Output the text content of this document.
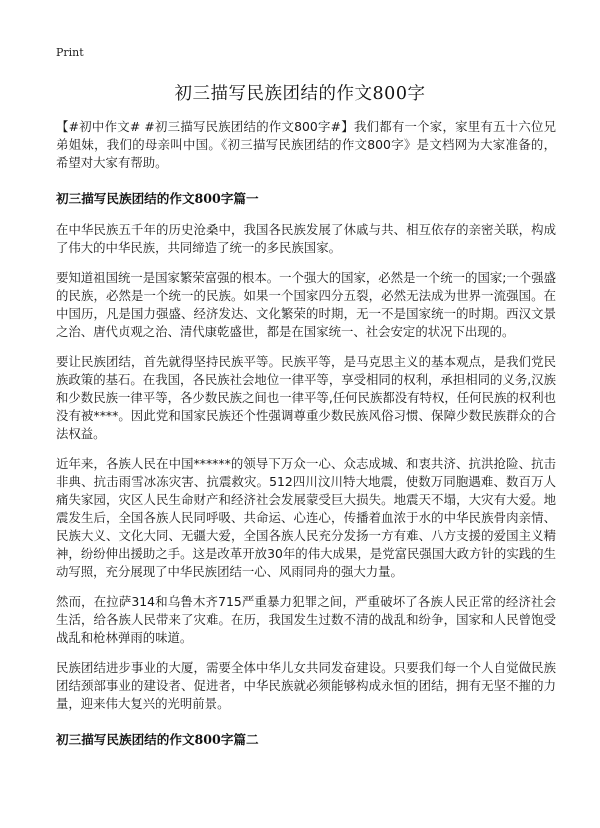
Print
初三描写民族团结的作文800字

【#初中作文# #初三描写民族团结的作文800字#】我们都有一个家，家里有五十六位兄弟姐妹，我们的母亲叫中国。《初三描写民族团结的作文800字》是文档网为大家准备的，希望对大家有帮助。

初三描写民族团结的作文800字篇一

在中华民族五千年的历史沧桑中，我国各民族发展了休戚与共、相互依存的亲密关联，构成了伟大的中华民族，共同缔造了统一的多民族国家。

要知道祖国统一是国家繁荣富强的根本。一个强大的国家，必然是一个统一的国家;一个强盛的民族，必然是一个统一的民族。如果一个国家四分五裂，必然无法成为世界一流强国。在中国历，凡是国力强盛、经济发达、文化繁荣的时期，无一不是国家统一的时期。西汉文景之治、唐代贞观之治、清代康乾盛世，都是在国家统一、社会安定的状况下出现的。

要让民族团结，首先就得坚持民族平等。民族平等，是马克思主义的基本观点，是我们党民族政策的基石。在我国，各民族社会地位一律平等，享受相同的权利，承担相同的义务,汉族和少数民族一律平等，各少数民族之间也一律平等,任何民族都没有特权，任何民族的权利也没有被****。因此党和国家民族还个性强调尊重少数民族风俗习惯、保障少数民族群众的合法权益。

近年来，各族人民在中国******的领导下万众一心、众志成城、和衷共济、抗洪抢险、抗击非典、抗击雨雪冰冻灾害、抗震救灾。512四川汶川特大地震，使数万同胞遇难、数百万人痛失家园，灾区人民生命财产和经济社会发展蒙受巨大损失。地震天不塌，大灾有大爱。地震发生后，全国各族人民同呼吸、共命运、心连心，传播着血浓于水的中华民族骨肉亲情、民族大义、文化大同、无疆大爱，全国各族人民充分发扬一方有难、八方支援的爱国主义精神，纷纷伸出援助之手。这是改革开放30年的伟大成果，是党富民强国大政方针的实践的生动写照，充分展现了中华民族团结一心、风雨同舟的强大力量。

然而，在拉萨314和乌鲁木齐715严重暴力犯罪之间，严重破坏了各族人民正常的经济社会生活，给各族人民带来了灾难。在历，我国发生过数不清的战乱和纷争，国家和人民曾饱受战乱和枪林弹雨的味道。

民族团结进步事业的大厦，需要全体中华儿女共同发奋建设。只要我们每一个人自觉做民族团结颈部事业的建设者、促进者，中华民族就必须能够构成永恒的团结，拥有无坚不摧的力量，迎来伟大复兴的光明前景。

初三描写民族团结的作文800字篇二
